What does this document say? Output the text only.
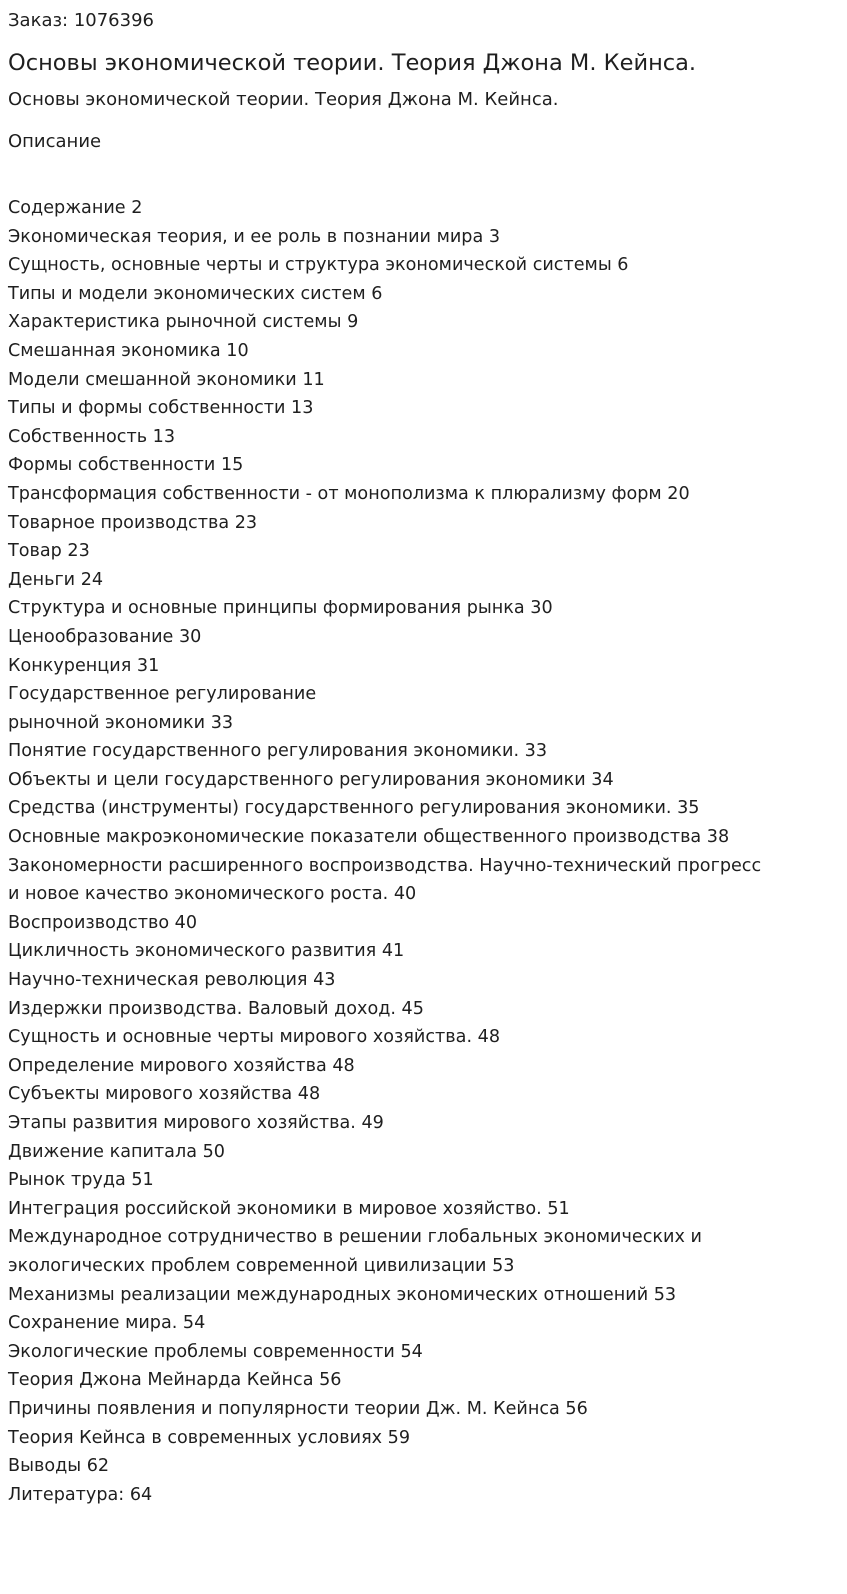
Заказ: 1076396
Основы экономической теории. Теория Джона М. Кейнса.
Основы экономической теории. Теория Джона М. Кейнса.
Описание
Содержание 2
Экономическая теория, и ее роль в познании мира 3
Сущность, основные черты и структура экономической системы 6
Типы и модели экономических систем 6
Характеристика рыночной системы 9
Смешанная экономика 10
Модели смешанной экономики 11
Типы и формы собственности 13
Собственность 13
Формы собственности 15
Трансформация собственности - от монополизма к плюрализму форм 20
Товарное производства 23
Товар 23
Деньги 24
Структура и основные принципы формирования рынка 30
Ценообразование 30
Конкуренция 31
Государственное регулирование
рыночной экономики 33
Понятие государственного регулирования экономики. 33
Объекты и цели государственного регулирования экономики 34
Средства (инструменты) государственного регулирования экономики. 35
Основные макроэкономические показатели общественного производства 38
Закономерности расширенного воспроизводства. Научно-технический прогресс
и новое качество экономического роста. 40
Воспроизводство 40
Цикличность экономического развития 41
Научно-техническая революция 43
Издержки производства. Валовый доход. 45
Сущность и основные черты мирового хозяйства. 48
Определение мирового хозяйства 48
Субъекты мирового хозяйства 48
Этапы развития мирового хозяйства. 49
Движение капитала 50
Рынок труда 51
Интеграция российской экономики в мировое хозяйство. 51
Международное сотрудничество в решении глобальных экономических и
экологических проблем современной цивилизации 53
Механизмы реализации международных экономических отношений 53
Сохранение мира. 54
Экологические проблемы современности 54
Теория Джона Мейнарда Кейнса 56
Причины появления и популярности теории Дж. М. Кейнса 56
Теория Кейнса в современных условиях 59
Выводы 62
Литература: 64
